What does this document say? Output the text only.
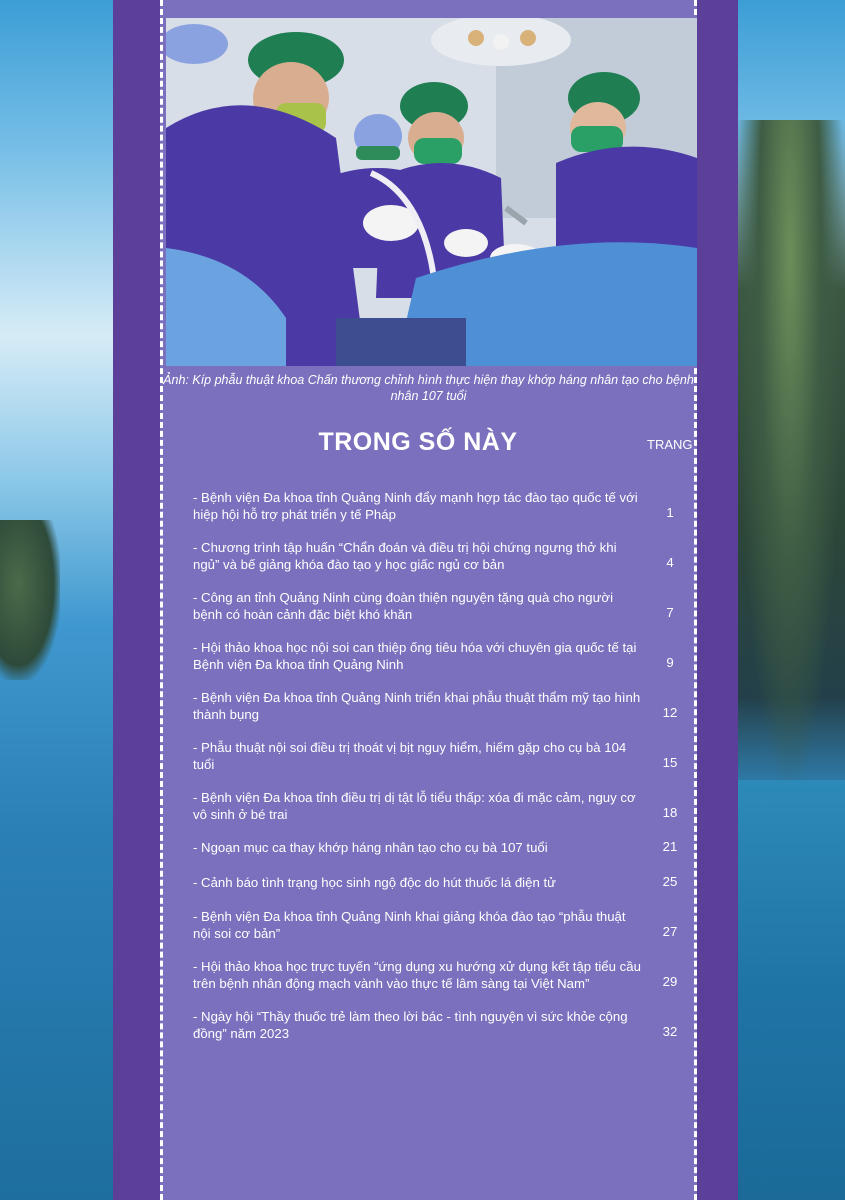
Ảnh: Kíp phẫu thuật khoa Chấn thương chỉnh hình thực hiện thay khớp háng nhân tạo cho bệnh nhân 107 tuổi
TRONG SỐ NÀY	TRANG
- Bệnh viện Đa khoa tỉnh Quảng Ninh đẩy mạnh hợp tác đào tạo quốc tế với hiệp hội hỗ trợ phát triển y tế Pháp	1
- Chương trình tập huấn “Chẩn đoán và điều trị hội chứng ngưng thở khi ngủ” và bế giảng khóa đào tạo y học giấc ngủ cơ bản	4
- Công an tỉnh Quảng Ninh cùng đoàn thiện nguyện tặng quà cho người bệnh có hoàn cảnh đặc biệt khó khăn	7
- Hội thảo khoa học nội soi can thiệp ống tiêu hóa với chuyên gia quốc tế tại Bệnh viện Đa khoa tỉnh Quảng Ninh	9
- Bệnh viện Đa khoa tỉnh Quảng Ninh triển khai phẫu thuật thẩm mỹ tạo hình thành bụng	12
- Phẫu thuật nội soi điều trị thoát vị bịt nguy hiểm, hiếm gặp cho cụ bà 104 tuổi	15
- Bệnh viện Đa khoa tỉnh điều trị dị tật lỗ tiểu thấp: xóa đi mặc cảm, nguy cơ vô sinh ở bé trai	18
- Ngoạn mục ca thay khớp háng nhân tạo cho cụ bà 107 tuổi	21
- Cảnh báo tình trạng học sinh ngộ độc do hút thuốc lá điện tử	25
- Bệnh viện Đa khoa tỉnh Quảng Ninh khai giảng khóa đào tạo “phẫu thuật nội soi cơ bản”	27
- Hội thảo khoa học trực tuyến “ứng dụng xu hướng xử dụng kết tập tiểu cầu trên bệnh nhân động mạch vành vào thực tế lâm sàng tại Việt Nam”	29
- Ngày hội “Thầy thuốc trẻ làm theo lời bác - tình nguyện vì sức khỏe cộng đồng” năm 2023	32
